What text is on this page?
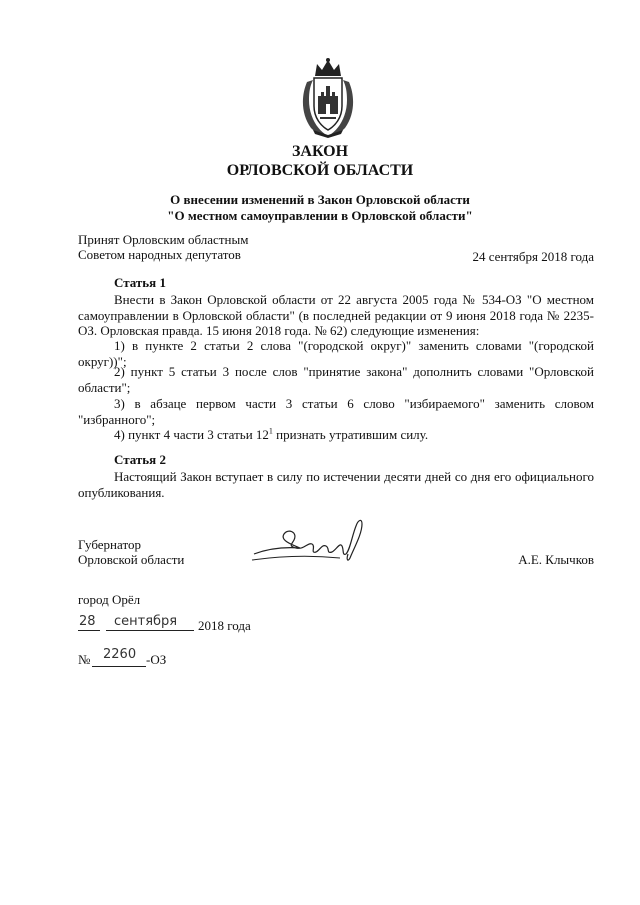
ЗАКОН
ОРЛОВСКОЙ ОБЛАСТИ
О внесении изменений в Закон Орловской области
"О местном самоуправлении в Орловской области"
Принят Орловским областным
Советом народных депутатов	24 сентября 2018 года
Статья 1
Внести в Закон Орловской области от 22 августа 2005 года № 534-ОЗ "О местном самоуправлении в Орловской области" (в последней редакции от 9 июня 2018 года № 2235-ОЗ. Орловская правда. 15 июня 2018 года. № 62) следующие изменения:
1) в пункте 2 статьи 2 слова "(городской округ)" заменить словами "(городской округ))";
2) пункт 5 статьи 3 после слов "принятие закона" дополнить словами "Орловской области";
3) в абзаце первом части 3 статьи 6 слово "избираемого" заменить словом "избранного";
4) пункт 4 части 3 статьи $12^1$ признать утратившим силу.
Статья 2
Настоящий Закон вступает в силу по истечении десяти дней со дня его официального опубликования.
Губернатор
Орловской области	А.Е. Клычков
город Орёл
28 сентября 2018 года
№ 2260 -ОЗ
